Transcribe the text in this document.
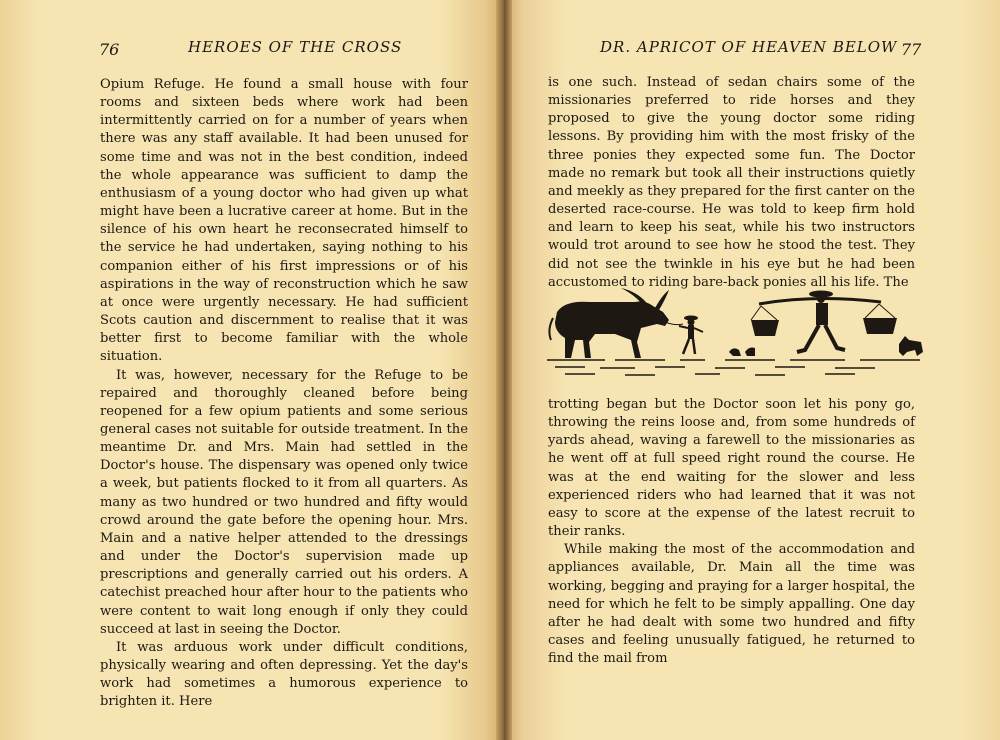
76	HEROES OF THE CROSS

Opium Refuge. He found a small house with four rooms and sixteen beds where work had been intermittently carried on for a number of years when there was any staff available. It had been unused for some time and was not in the best condition, indeed the whole appearance was sufficient to damp the enthusiasm of a young doctor who had given up what might have been a lucrative career at home. But in the silence of his own heart he reconsecrated himself to the service he had undertaken, saying nothing to his companion either of his first impressions or of his aspirations in the way of reconstruction which he saw at once were urgently necessary. He had sufficient Scots caution and discernment to realise that it was better first to become familiar with the whole situation.

It was, however, necessary for the Refuge to be repaired and thoroughly cleaned before being reopened for a few opium patients and some serious general cases not suitable for outside treatment. In the meantime Dr. and Mrs. Main had settled in the Doctor's house. The dispensary was opened only twice a week, but patients flocked to it from all quarters. As many as two hundred or two hundred and fifty would crowd around the gate before the opening hour. Mrs. Main and a native helper attended to the dressings and under the Doctor's supervision made up prescriptions and generally carried out his orders. A catechist preached hour after hour to the patients who were content to wait long enough if only they could succeed at last in seeing the Doctor.

It was arduous work under difficult conditions, physically wearing and often depressing. Yet the day's work had sometimes a humorous experience to brighten it. Here

DR. APRICOT OF HEAVEN BELOW 77

is one such. Instead of sedan chairs some of the missionaries preferred to ride horses and they proposed to give the young doctor some riding lessons. By providing him with the most frisky of the three ponies they expected some fun. The Doctor made no remark but took all their instructions quietly and meekly as they prepared for the first canter on the deserted race-course. He was told to keep firm hold and learn to keep his seat, while his two instructors would trot around to see how he stood the test. They did not see the twinkle in his eye but he had been accustomed to riding bare-back ponies all his life. The

trotting began but the Doctor soon let his pony go, throwing the reins loose and, from some hundreds of yards ahead, waving a farewell to the missionaries as he went off at full speed right round the course. He was at the end waiting for the slower and less experienced riders who had learned that it was not easy to score at the expense of the latest recruit to their ranks.

While making the most of the accommodation and appliances available, Dr. Main all the time was working, begging and praying for a larger hospital, the need for which he felt to be simply appalling. One day after he had dealt with some two hundred and fifty cases and feeling unusually fatigued, he returned to find the mail from
